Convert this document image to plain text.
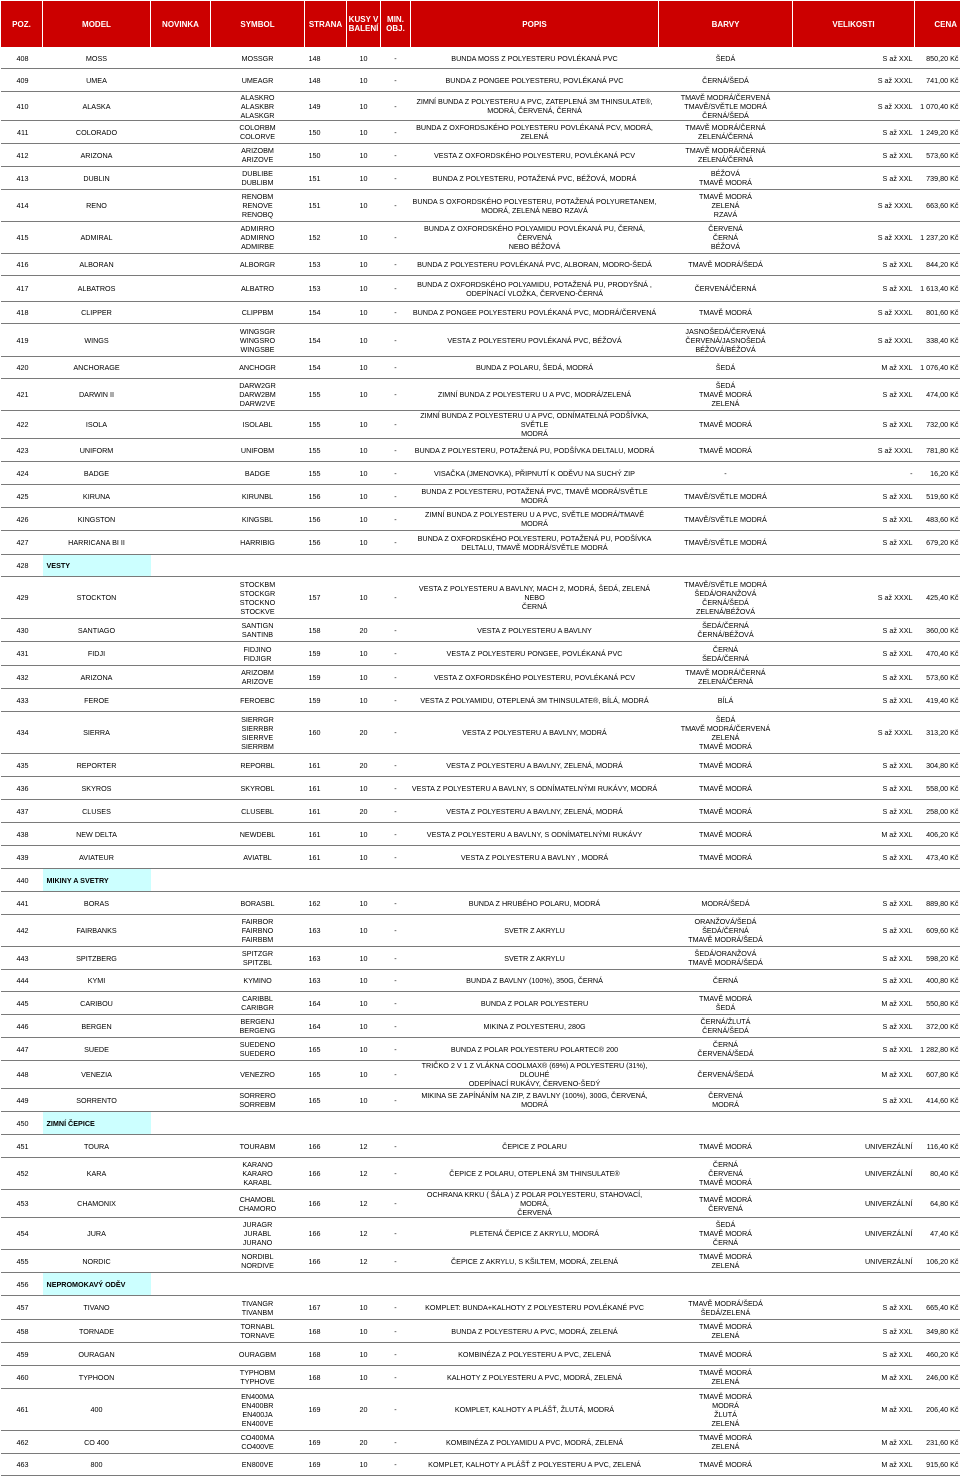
POZ.	MODEL	NOVINKA	SYMBOL	STRANA	KUSY V
BALENÍ	MIN.
OBJ.	POPIS	BARVY	VELIKOSTI	CENA
408	MOSS		MOSSGR	148	10	-	BUNDA MOSS Z POLYESTERU POVLÉKANÁ PVC	ŠEDÁ	S až XXL	850,20 Kč
409	UMEA		UMEAGR	148	10	-	BUNDA Z PONGEE POLYESTERU, POVLÉKANÁ PVC	ČERNÁ/ŠEDÁ	S až XXXL	741,00 Kč
410	ALASKA		ALASKRO
ALASKBR
ALASKGR	149	10	-	ZIMNÍ BUNDA Z POLYESTERU A PVC, ZATEPLENÁ 3M THINSULATE®,
MODRÁ, ČERVENÁ, ČERNÁ	TMAVĚ MODRÁ/ČERVENÁ
TMAVĚ/SVĚTLE MODRÁ
ČERNÁ/ŠEDÁ	S až XXXL	1 070,40 Kč
411	COLORADO		COLORBM
COLORVE	150	10	-	BUNDA Z OXFORDSJKÉHO POLYESTERU POVLÉKANÁ PCV, MODRÁ,
ZELENÁ	TMAVĚ MODRÁ/ČERNÁ
ZELENÁ/ČERNÁ	S až XXL	1 249,20 Kč
412	ARIZONA		ARIZOBM
ARIZOVE	150	10	-	VESTA Z OXFORDSKÉHO POLYESTERU, POVLÉKANÁ PCV	TMAVĚ MODRÁ/ČERNÁ
ZELENÁ/ČERNÁ	S až XXL	573,60 Kč
413	DUBLIN		DUBLIBE
DUBLIBM	151	10	-	BUNDA Z POLYESTERU, POTAŽENÁ PVC, BÉŽOVÁ, MODRÁ	BÉŽOVÁ
TMAVĚ MODRÁ	S až XXL	739,80 Kč
414	RENO		RENOBM
RENOVE
RENOBQ	151	10	-	BUNDA S OXFORDSKÉHO POLYESTERU, POTAŽENÁ POLYURETANEM,
MODRÁ, ZELENÁ NEBO RZAVÁ	TMAVĚ MODRÁ
ZELENÁ
RZAVÁ	S až XXXL	663,60 Kč
415	ADMIRAL		ADMIRRO
ADMIRNO
ADMIRBE	152	10	-	BUNDA Z OXFORDSKÉHO POLYAMIDU POVLÉKANÁ PU, ČERNÁ, ČERVENÁ
NEBO BÉŽOVÁ	ČERVENÁ
ČERNÁ
BÉŽOVÁ	S až XXXL	1 237,20 Kč
416	ALBORAN		ALBORGR	153	10	-	BUNDA Z POLYESTERU POVLÉKANÁ PVC, ALBORAN, MODRO-ŠEDÁ	TMAVĚ MODRÁ/ŠEDÁ	S až XXL	844,20 Kč
417	ALBATROS		ALBATRO	153	10	-	BUNDA Z OXFORDSKÉHO POLYAMIDU, POTAŽENÁ PU, PRODYŠNÁ ,
ODEPÍNACÍ VLOŽKA, ČERVENO-ČERNÁ	ČERVENÁ/ČERNÁ	S až XXL	1 613,40 Kč
418	CLIPPER		CLIPPBM	154	10	-	BUNDA Z PONGEE POLYESTERU POVLÉKANÁ PVC, MODRÁ/ČERVENÁ	TMAVĚ MODRÁ	S až XXXL	801,60 Kč
419	WINGS		WINGSGR
WINGSRO
WINGSBE	154	10	-	VESTA Z POLYESTERU POVLÉKANÁ PVC, BÉŽOVÁ	JASNOŠEDÁ/ČERVENÁ
ČERVENÁ/JASNOŠEDÁ
BÉŽOVÁ/BÉŽOVÁ	S až XXXL	338,40 Kč
420	ANCHORAGE		ANCHOGR	154	10	-	BUNDA Z POLARU, ŠEDÁ, MODRÁ	ŠEDÁ	M až XXL	1 076,40 Kč
421	DARWIN II		DARW2GR
DARW2BM
DARW2VE	155	10	-	ZIMNÍ BUNDA Z POLYESTERU U A PVC, MODRÁ/ZELENÁ	ŠEDÁ
TMAVĚ MODRÁ
ZELENÁ	S až XXL	474,00 Kč
422	ISOLA		ISOLABL	155	10	-	ZIMNÍ BUNDA Z POLYESTERU U A PVC, ODNÍMATELNÁ PODŠÍVKA, SVĚTLE
MODRÁ	TMAVĚ MODRÁ	S až XXL	732,00 Kč
423	UNIFORM		UNIFOBM	155	10	-	BUNDA Z POLYESTERU, POTAŽENÁ PU, PODŠÍVKA DELTALU, MODRÁ	TMAVĚ MODRÁ	S až XXXL	781,80 Kč
424	BADGE		BADGE	155	10	-	VISAČKA (JMENOVKA), PŘIPNUTÍ K ODĚVU NA SUCHÝ ZIP	-	-	16,20 Kč
425	KIRUNA		KIRUNBL	156	10	-	BUNDA Z POLYESTERU, POTAŽENÁ PVC, TMAVĚ MODRÁ/SVĚTLE MODRÁ	TMAVĚ/SVĚTLE MODRÁ	S až XXL	519,60 Kč
426	KINGSTON		KINGSBL	156	10	-	ZIMNÍ BUNDA Z POLYESTERU U A PVC, SVĚTLE MODRÁ/TMAVĚ MODRÁ	TMAVĚ/SVĚTLE MODRÁ	S až XXL	483,60 Kč
427	HARRICANA BI II		HARRIBIG	156	10	-	BUNDA Z OXFORDSKÉHO POLYESTERU, POTAŽENÁ PU, PODŠÍVKA
DELTALU, TMAVĚ MODRÁ/SVĚTLE MODRÁ	TMAVĚ/SVĚTLE MODRÁ	S až XXL	679,20 Kč
428	VESTY									
429	STOCKTON		STOCKBM
STOCKGR
STOCKNO
STOCKVE	157	10	-	VESTA Z POLYESTERU A BAVLNY, MACH 2, MODRÁ, ŠEDÁ, ZELENÁ NEBO
ČERNÁ	TMAVĚ/SVĚTLE MODRÁ
ŠEDÁ/ORANŽOVÁ
ČERNÁ/ŠEDÁ
ZELENÁ/BÉŽOVÁ	S až XXXL	425,40 Kč
430	SANTIAGO		SANTIGN
SANTINB	158	20	-	VESTA Z POLYESTERU A BAVLNY	ŠEDÁ/ČERNÁ
ČERNÁ/BÉŽOVÁ	S až XXL	360,00 Kč
431	FIDJI		FIDJINO
FIDJIGR	159	10	-	VESTA Z POLYESTERU PONGEE, POVLÉKANÁ PVC	ČERNÁ
ŠEDÁ/ČERNÁ	S až XXL	470,40 Kč
432	ARIZONA		ARIZOBM
ARIZOVE	159	10	-	VESTA Z OXFORDSKÉHO POLYESTERU, POVLÉKANÁ PCV	TMAVĚ MODRÁ/ČERNÁ
ZELENÁ/ČERNÁ	S až XXL	573,60 Kč
433	FEROE		FEROEBC	159	10	-	VESTA Z POLYAMIDU, OTEPLENÁ 3M THINSULATE®, BÍLÁ, MODRÁ	BÍLÁ	S až XXL	419,40 Kč
434	SIERRA		SIERRGR
SIERRBR
SIERRVE
SIERRBM	160	20	-	VESTA Z POLYESTERU A BAVLNY, MODRÁ	ŠEDÁ
TMAVĚ MODRÁ/ČERVENÁ
ZELENÁ
TMAVĚ MODRÁ	S až XXXL	313,20 Kč
435	REPORTER		REPORBL	161	20	-	VESTA Z POLYESTERU A BAVLNY, ZELENÁ, MODRÁ	TMAVĚ MODRÁ	S až XXL	304,80 Kč
436	SKYROS		SKYROBL	161	10	-	VESTA Z POLYESTERU A BAVLNY, S ODNÍMATELNÝMI RUKÁVY, MODRÁ	TMAVĚ MODRÁ	S až XXL	558,00 Kč
437	CLUSES		CLUSEBL	161	20	-	VESTA Z POLYESTERU A BAVLNY, ZELENÁ, MODRÁ	TMAVĚ MODRÁ	S až XXL	258,00 Kč
438	NEW DELTA		NEWDEBL	161	10	-	VESTA Z POLYESTERU A BAVLNY, S ODNÍMATELNÝMI RUKÁVY	TMAVĚ MODRÁ	M až XXL	406,20 Kč
439	AVIATEUR		AVIATBL	161	10	-	VESTA Z POLYESTERU A BAVLNY , MODRÁ	TMAVĚ MODRÁ	S až XXL	473,40 Kč
440	MIKINY A SVETRY									
441	BORAS		BORASBL	162	10	-	BUNDA Z HRUBÉHO POLARU, MODRÁ	MODRÁ/ŠEDÁ	S až XXL	889,80 Kč
442	FAIRBANKS		FAIRBOR
FAIRBNO
FAIRBBM	163	10	-	SVETR Z AKRYLU	ORANŽOVÁ/ŠEDÁ
ŠEDÁ/ČERNÁ
TMAVĚ MODRÁ/ŠEDÁ	S až XXL	609,60 Kč
443	SPITZBERG		SPITZGR
SPITZBL	163	10	-	SVETR Z AKRYLU	ŠEDÁ/ORANŽOVÁ
TMAVĚ MODRÁ/ŠEDÁ	S až XXL	598,20 Kč
444	KYMI		KYMINO	163	10	-	BUNDA Z BAVLNY (100%), 350G, ČERNÁ	ČERNÁ	S až XXL	400,80 Kč
445	CARIBOU		CARIBBL
CARIBGR	164	10	-	BUNDA Z POLAR POLYESTERU	TMAVĚ MODRÁ
ŠEDÁ	M až XXL	550,80 Kč
446	BERGEN		BERGENJ
BERGENG	164	10	-	MIKINA Z POLYESTERU, 280G	ČERNÁ/ŽLUTÁ
ČERNÁ/ŠEDÁ	S až XXL	372,00 Kč
447	SUEDE		SUEDENO
SUEDERO	165	10	-	BUNDA Z POLAR POLYESTERU POLARTEC® 200	ČERNÁ
ČERVENÁ/ŠEDÁ	S až XXL	1 282,80 Kč
448	VENEZIA		VENEZRO	165	10	-	TRIČKO 2 V 1 Z VLÁKNA COOLMAX® (69%) A POLYESTERU (31%), DLOUHÉ
ODEPÍNACÍ RUKÁVY, ČERVENO-ŠEDÝ	ČERVENÁ/ŠEDÁ	M až XXL	607,80 Kč
449	SORRENTO		SORRERO
SORREBM	165	10	-	MIKINA SE ZAPÍNÁNÍM NA ZIP, Z BAVLNY (100%), 300G, ČERVENÁ, MODRÁ	ČERVENÁ
MODRÁ	S až XXL	414,60 Kč
450	ZIMNÍ ČEPICE									
451	TOURA		TOURABM	166	12	-	ČEPICE Z POLARU	TMAVĚ MODRÁ	UNIVERZÁLNÍ	116,40 Kč
452	KARA		KARANO
KARARO
KARABL	166	12	-	ČEPICE Z POLARU, OTEPLENÁ 3M THINSULATE®	ČERNÁ
ČERVENÁ
TMAVĚ MODRÁ	UNIVERZÁLNÍ	80,40 Kč
453	CHAMONIX		CHAMOBL
CHAMORO	166	12	-	OCHRANA KRKU ( ŠÁLA ) Z POLAR POLYESTERU, STAHOVACÍ, MODRÁ,
ČERVENÁ	TMAVĚ MODRÁ
ČERVENÁ	UNIVERZÁLNÍ	64,80 Kč
454	JURA		JURAGR
JURABL
JURANO	166	12	-	PLETENÁ ČEPICE Z AKRYLU, MODRÁ	ŠEDÁ
TMAVĚ MODRÁ
ČERNÁ	UNIVERZÁLNÍ	47,40 Kč
455	NORDIC		NORDIBL
NORDIVE	166	12	-	ČEPICE Z AKRYLU, S KŠILTEM, MODRÁ, ZELENÁ	TMAVĚ MODRÁ
ZELENÁ	UNIVERZÁLNÍ	106,20 Kč
456	NEPROMOKAVÝ ODĚV									
457	TIVANO		TIVANGR
TIVANBM	167	10	-	KOMPLET: BUNDA+KALHOTY Z POLYESTERU POVLÉKANÉ PVC	TMAVĚ MODRÁ/ŠEDÁ
ŠEDÁ/ZELENÁ	S až XXL	665,40 Kč
458	TORNADE		TORNABL
TORNAVE	168	10	-	BUNDA Z POLYESTERU A PVC, MODRÁ, ZELENÁ	TMAVĚ MODRÁ
ZELENÁ	S až XXL	349,80 Kč
459	OURAGAN		OURAGBM	168	10	-	KOMBINÉZA Z POLYESTERU A PVC, ZELENÁ	TMAVĚ MODRÁ	S až XXL	460,20 Kč
460	TYPHOON		TYPHOBM
TYPHOVE	168	10	-	KALHOTY Z POLYESTERU A PVC, MODRÁ, ZELENÁ	TMAVĚ MODRÁ
ZELENÁ	M až XXL	246,00 Kč
461	400		EN400MA
EN400BR
EN400JA
EN400VE	169	20	-	KOMPLET, KALHOTY A PLÁŠŤ, ŽLUTÁ, MODRÁ	TMAVĚ MODRÁ
MODRÁ
ŽLUTÁ
ZELENÁ	M až XXL	206,40 Kč
462	CO 400		CO400MA
CO400VE	169	20	-	KOMBINÉZA Z POLYAMIDU A PVC, MODRÁ, ZELENÁ	TMAVĚ MODRÁ
ZELENÁ	M až XXL	231,60 Kč
463	800		EN800VE	169	10	-	KOMPLET, KALHOTY A PLÁŠŤ Z POLYESTERU A PVC, ZELENÁ	TMAVĚ MODRÁ	M až XXL	915,60 Kč
